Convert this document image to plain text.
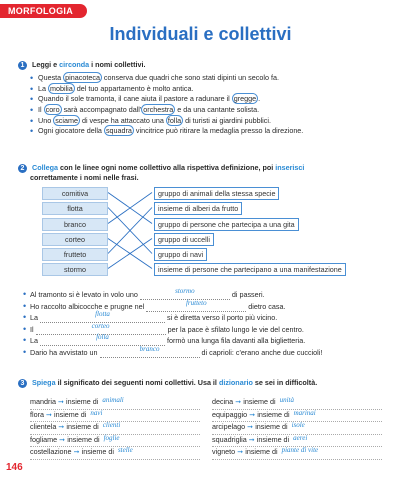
MORFOLOGIA
Individuali e collettivi
1 Leggi e circonda i nomi collettivi.
• Questa pinacoteca conserva due quadri che sono stati dipinti un secolo fa.
• La mobilia del tuo appartamento è molto antica.
• Quando il sole tramonta, il cane aiuta il pastore a radunare il gregge .
• Il coro sarà accompagnato dall' orchestra e da una cantante solista.
• Uno sciame di vespe ha attaccato una folla di turisti ai giardini pubblici.
• Ogni giocatore della squadra vincitrice può ritirare la medaglia presso la direzione.
2 Collega con le linee ogni nome collettivo alla rispettiva definizione, poi inserisci
correttamente i nomi nelle frasi.
comitiva
flotta
branco
corteo
frutteto
stormo
gruppo di animali della stessa specie
insieme di alberi da frutto
gruppo di persone che partecipa a una gita
gruppo di uccelli
gruppo di navi
insieme di persone che partecipano a una manifestazione
• Al tramonto si è levato in volo uno	stormo	di passeri.
• Ho raccolto albicocche e prugne nel	frutteto	dietro casa.
• La	flotta	si è diretta verso il porto più vicino.
• Il	corteo	per la pace è sfilato lungo le vie del centro.
• La	folla	formò una lunga fila davanti alla biglietteria.
• Dario ha avvistato un	branco	di caprioli: c'erano anche due cuccioli!
3 Spiega il significato dei seguenti nomi collettivi. Usa il dizionario se sei in difficoltà.
mandria ➞ insieme di animali
flora ➞ insieme di navi
clientela ➞ insieme di clienti
fogliame ➞ insieme di foglie
costellazione ➞ insieme di stelle
decina ➞ insieme di unità
equipaggio ➞ insieme di marinai
arcipelago ➞ insieme di isole
squadriglia ➞ insieme di aerei
vigneto ➞ insieme di piante di vite
146
